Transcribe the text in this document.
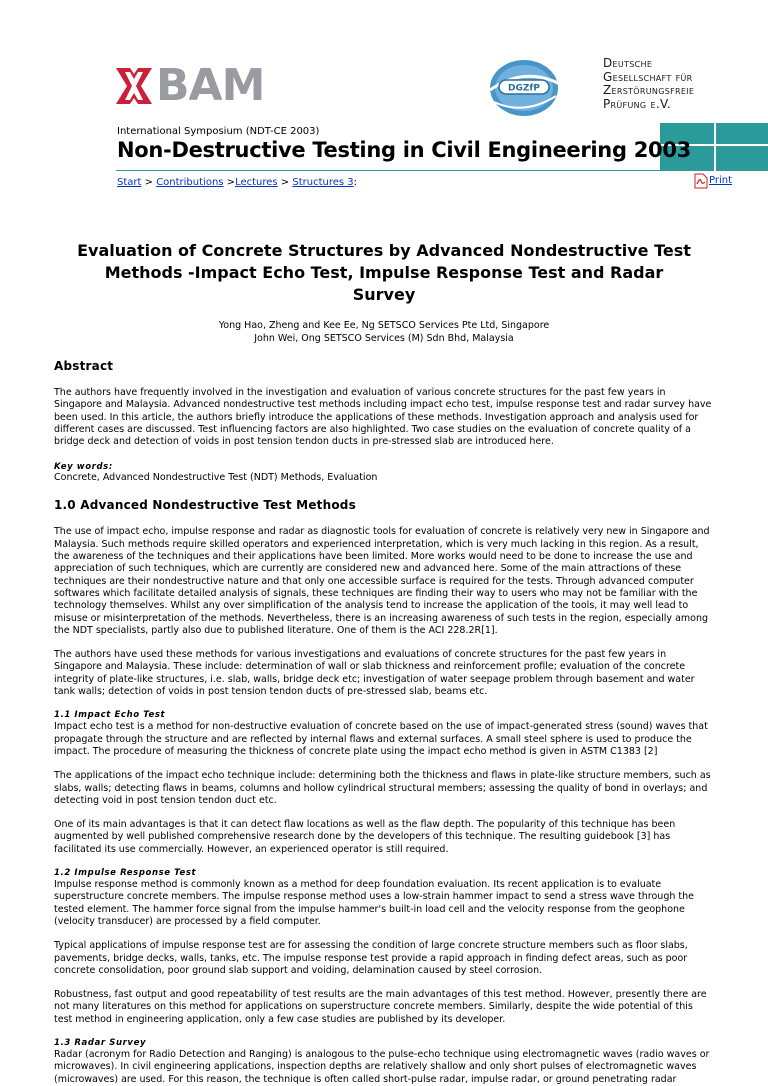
BAM	DGZfP
Deutsche
Gesellschaft für
Zerstörungsfreie
Prüfung e.V.
International Symposium (NDT-CE 2003)
Non-Destructive Testing in Civil Engineering 2003
Start > Contributions >Lectures > Structures 3:	Print
Evaluation of Concrete Structures by Advanced Nondestructive Test Methods -Impact Echo Test, Impulse Response Test and Radar Survey
Yong Hao, Zheng and Kee Ee, Ng SETSCO Services Pte Ltd, Singapore
John Wei, Ong SETSCO Services (M) Sdn Bhd, Malaysia
Abstract

The authors have frequently involved in the investigation and evaluation of various concrete structures for the past few years in Singapore and Malaysia. Advanced nondestructive test methods including impact echo test, impulse response test and radar survey have been used. In this article, the authors briefly introduce the applications of these methods. Investigation approach and analysis used for different cases are discussed. Test influencing factors are also highlighted. Two case studies on the evaluation of concrete quality of a bridge deck and detection of voids in post tension tendon ducts in pre-stressed slab are introduced here.

Key words:
Concrete, Advanced Nondestructive Test (NDT) Methods, Evaluation
1.0 Advanced Nondestructive Test Methods

The use of impact echo, impulse response and radar as diagnostic tools for evaluation of concrete is relatively very new in Singapore and Malaysia. Such methods require skilled operators and experienced interpretation, which is very much lacking in this region. As a result, the awareness of the techniques and their applications have been limited. More works would need to be done to increase the use and appreciation of such techniques, which are currently are considered new and advanced here. Some of the main attractions of these techniques are their nondestructive nature and that only one accessible surface is required for the tests. Through advanced computer softwares which facilitate detailed analysis of signals, these techniques are finding their way to users who may not be familiar with the technology themselves. Whilst any over simplification of the analysis tend to increase the application of the tools, it may well lead to misuse or misinterpretation of the methods. Nevertheless, there is an increasing awareness of such tests in the region, especially among the NDT specialists, partly also due to published literature. One of them is the ACI 228.2R[1].

The authors have used these methods for various investigations and evaluations of concrete structures for the past few years in Singapore and Malaysia. These include: determination of wall or slab thickness and reinforcement profile; evaluation of the concrete integrity of plate-like structures, i.e. slab, walls, bridge deck etc; investigation of water seepage problem through basement and water tank walls; detection of voids in post tension tendon ducts of pre-stressed slab, beams etc.

1.1 Impact Echo Test

Impact echo test is a method for non-destructive evaluation of concrete based on the use of impact-generated stress (sound) waves that propagate through the structure and are reflected by internal flaws and external surfaces. A small steel sphere is used to produce the impact. The procedure of measuring the thickness of concrete plate using the impact echo method is given in ASTM C1383 [2]

The applications of the impact echo technique include: determining both the thickness and flaws in plate-like structure members, such as slabs, walls; detecting flaws in beams, columns and hollow cylindrical structural members; assessing the quality of bond in overlays; and detecting void in post tension tendon duct etc.

One of its main advantages is that it can detect flaw locations as well as the flaw depth. The popularity of this technique has been augmented by well published comprehensive research done by the developers of this technique. The resulting guidebook [3] has facilitated its use commercially. However, an experienced operator is still required.

1.2 Impulse Response Test

Impulse response method is commonly known as a method for deep foundation evaluation. Its recent application is to evaluate superstructure concrete members. The impulse response method uses a low-strain hammer impact to send a stress wave through the tested element. The hammer force signal from the impulse hammer's built-in load cell and the velocity response from the geophone (velocity transducer) are processed by a field computer.

Typical applications of impulse response test are for assessing the condition of large concrete structure members such as floor slabs, pavements, bridge decks, walls, tanks, etc. The impulse response test provide a rapid approach in finding defect areas, such as poor concrete consolidation, poor ground slab support and voiding, delamination caused by steel corrosion.

Robustness, fast output and good repeatability of test results are the main advantages of this test method. However, presently there are not many literatures on this method for applications on superstructure concrete members. Similarly, despite the wide potential of this test method in engineering application, only a few case studies are published by its developer.

1.3 Radar Survey

Radar (acronym for Radio Detection and Ranging) is analogous to the pulse-echo technique using electromagnetic waves (radio waves or microwaves). In civil engineering applications, inspection depths are relatively shallow and only short pulses of electromagnetic waves (microwaves) are used. For this reason, the technique is often called short-pulse radar, impulse radar, or ground penetrating radar
